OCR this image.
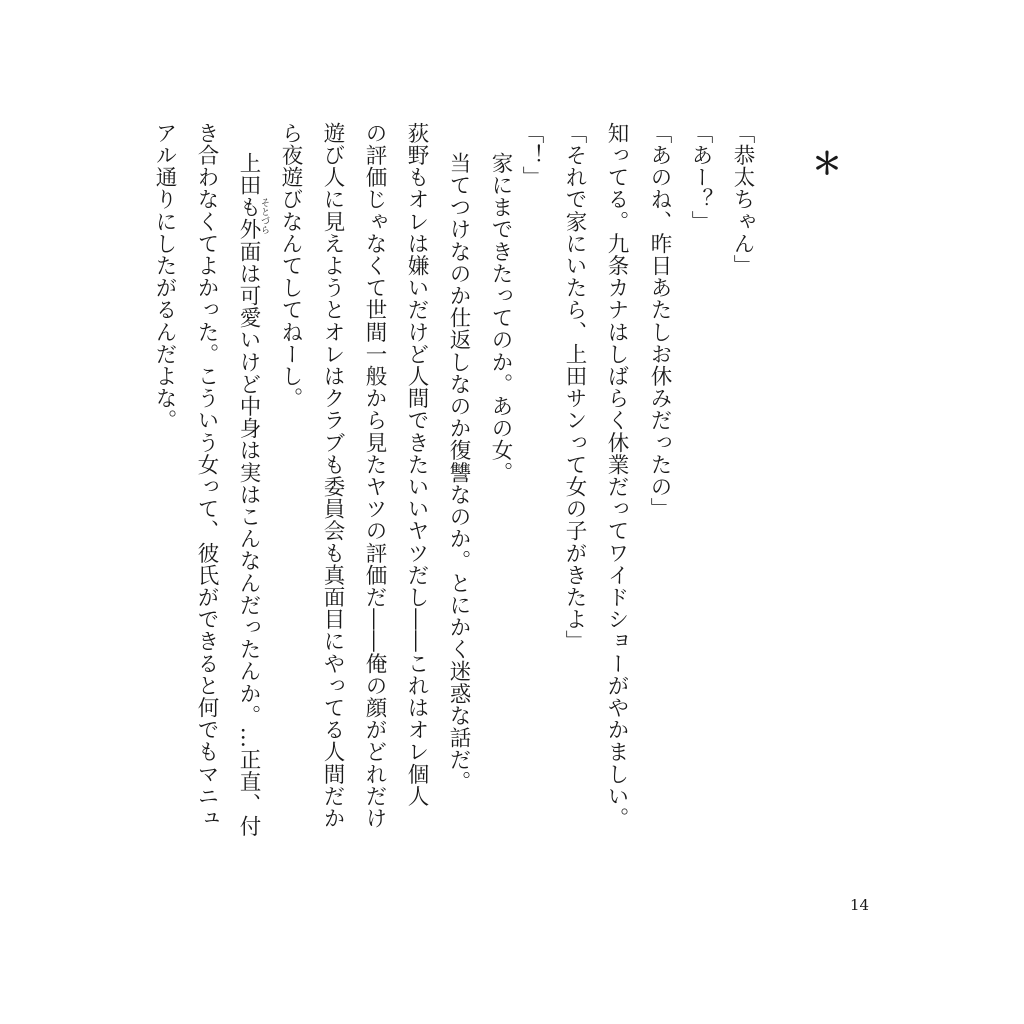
＊
「恭太ちゃん」
「あー？」
「あのね、昨日あたしお休みだったの」
知ってる。九条カナはしばらく休業だってワイドショーがやかましい。
「それで家にいたら、上田サンって女の子がきたよ」
「！」
家にまできたってのか。あの女。
当てつけなのか仕返しなのか復讐なのか。とにかく迷惑な話だ。
荻野もオレは嫌いだけど人間できたいいヤツだし――これはオレ個人
の評価じゃなくて世間一般から見たヤツの評価だ――俺の顔がどれだけ
遊び人に見えようとオレはクラブも委員会も真面目にやってる人間だか
ら夜遊びなんてしてねーし。
上田も外面は可愛いけど中身は実はこんなんだったんか。…正直、付
そとづら
き合わなくてよかった。こういう女って、彼氏ができると何でもマニュ
アル通りにしたがるんだよな。
14
